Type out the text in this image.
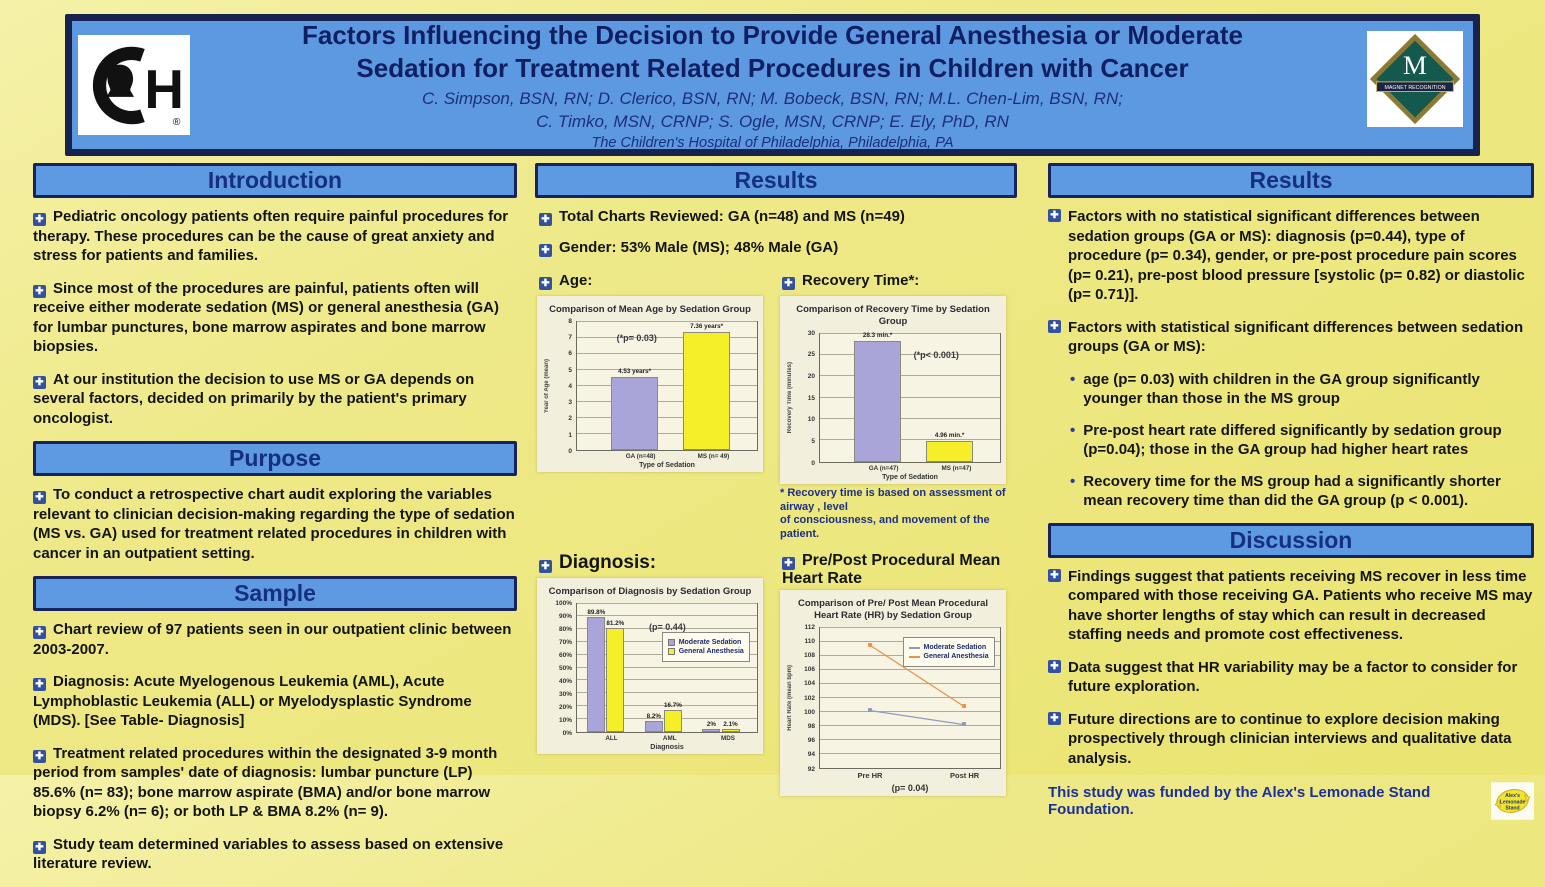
H
®
Factors Influencing the Decision to Provide General Anesthesia or Moderate
Sedation for Treatment Related Procedures in Children with Cancer
C. Simpson, BSN, RN; D. Clerico, BSN, RN; M. Bobeck, BSN, RN; M.L. Chen-Lim, BSN, RN;
C. Timko, MSN, CRNP; S. Ogle, MSN, CRNP; E. Ely, PhD, RN
The Children's Hospital of Philadelphia, Philadelphia, PA
M
MAGNET RECOGNITION
Introduction

✚ Pediatric oncology patients often require painful procedures for therapy. These procedures can be the cause of great anxiety and stress for patients and families.

✚ Since most of the procedures are painful, patients often will receive either moderate sedation (MS) or general anesthesia (GA) for lumbar punctures, bone marrow aspirates and bone marrow biopsies.

✚ At our institution the decision to use MS or GA depends on several factors, decided on primarily by the patient's primary oncologist.

Purpose

✚ To conduct a retrospective chart audit exploring the variables relevant to clinician decision-making regarding the type of sedation (MS vs. GA) used for treatment related procedures in children with cancer in an outpatient setting.

Sample

✚ Chart review of 97 patients seen in our outpatient clinic between 2003-2007.

✚ Diagnosis: Acute Myelogenous Leukemia (AML), Acute Lymphoblastic Leukemia (ALL) or Myelodysplastic Syndrome (MDS). [See Table- Diagnosis]

✚ Treatment related procedures within the designated 3-9 month period from samples' date of diagnosis: lumbar puncture (LP) 85.6% (n= 83); bone marrow aspirate (BMA) and/or bone marrow biopsy 6.2% (n= 6); or both LP & BMA 8.2% (n= 9).

✚ Study team determined variables to assess based on extensive literature review.

Results

✚ Total Charts Reviewed: GA (n=48) and MS (n=49)

✚ Gender: 53% Male (MS); 48% Male (GA)

✚ Age:
Comparison of Mean Age by Sedation Group
Year of Age (mean)
0
1
2
3
4
5
6
7
8
4.53 years*
7.36 years*
(*p= 0.03)
GA (n=48)	MS (n= 49)
Type of Sedation
✚ Recovery Time*:
Comparison of Recovery Time by Sedation Group
Recovery Time (minutes)
0
5
10
15
20
25
30	28.3 min.*
4.96 min.*
(*p< 0.001)
GA (n=47)	MS (n=47)
Type of Sedation
* Recovery time is based on assessment of airway , level
of consciousness, and movement of the patient.
✚ Diagnosis:
Comparison of Diagnosis by Sedation Group
0%
10%
20%
30%
40%
50%
60%
70%
80%
90%
100%
89.8%
8.2%
2%
81.2%
16.7%
2.1%
Moderate Sedation
General Anesthesia
(p= 0.44)
ALL	AML	MDS
Diagnosis
✚ Pre/Post Procedural Mean Heart Rate
Comparison of Pre/ Post Mean Procedural
Heart Rate (HR) by Sedation Group
Heart Rate (mean bpm)
92
94
96
98
100
102
104
106
108
110
112
Moderate Sedation
General Anesthesia
Pre HR	Post HR
(p= 0.04)
Results

✚ Factors with no statistical significant differences between sedation groups (GA or MS): diagnosis (p=0.44), type of procedure (p= 0.34), gender, or pre-post procedure pain scores (p= 0.21), pre-post blood pressure [systolic (p= 0.82) or diastolic (p= 0.71)].

✚ Factors with statistical significant differences between sedation groups (GA or MS):

• age (p= 0.03) with children in the GA group significantly younger than those in the MS group

• Pre-post heart rate differed significantly by sedation group (p=0.04); those in the GA group had higher heart rates

• Recovery time for the MS group had a significantly shorter mean recovery time than did the GA group (p < 0.001).

Discussion

✚ Findings suggest that patients receiving MS recover in less time compared with those receiving GA. Patients who receive MS may have shorter lengths of stay which can result in decreased staffing needs and promote cost effectiveness.

✚ Data suggest that HR variability may be a factor to consider for future exploration.

✚ Future directions are to continue to explore decision making prospectively through clinician interviews and qualitative data analysis.

This study was funded by the Alex's Lemonade Stand Foundation.
Alex's
Lemonade
Stand
